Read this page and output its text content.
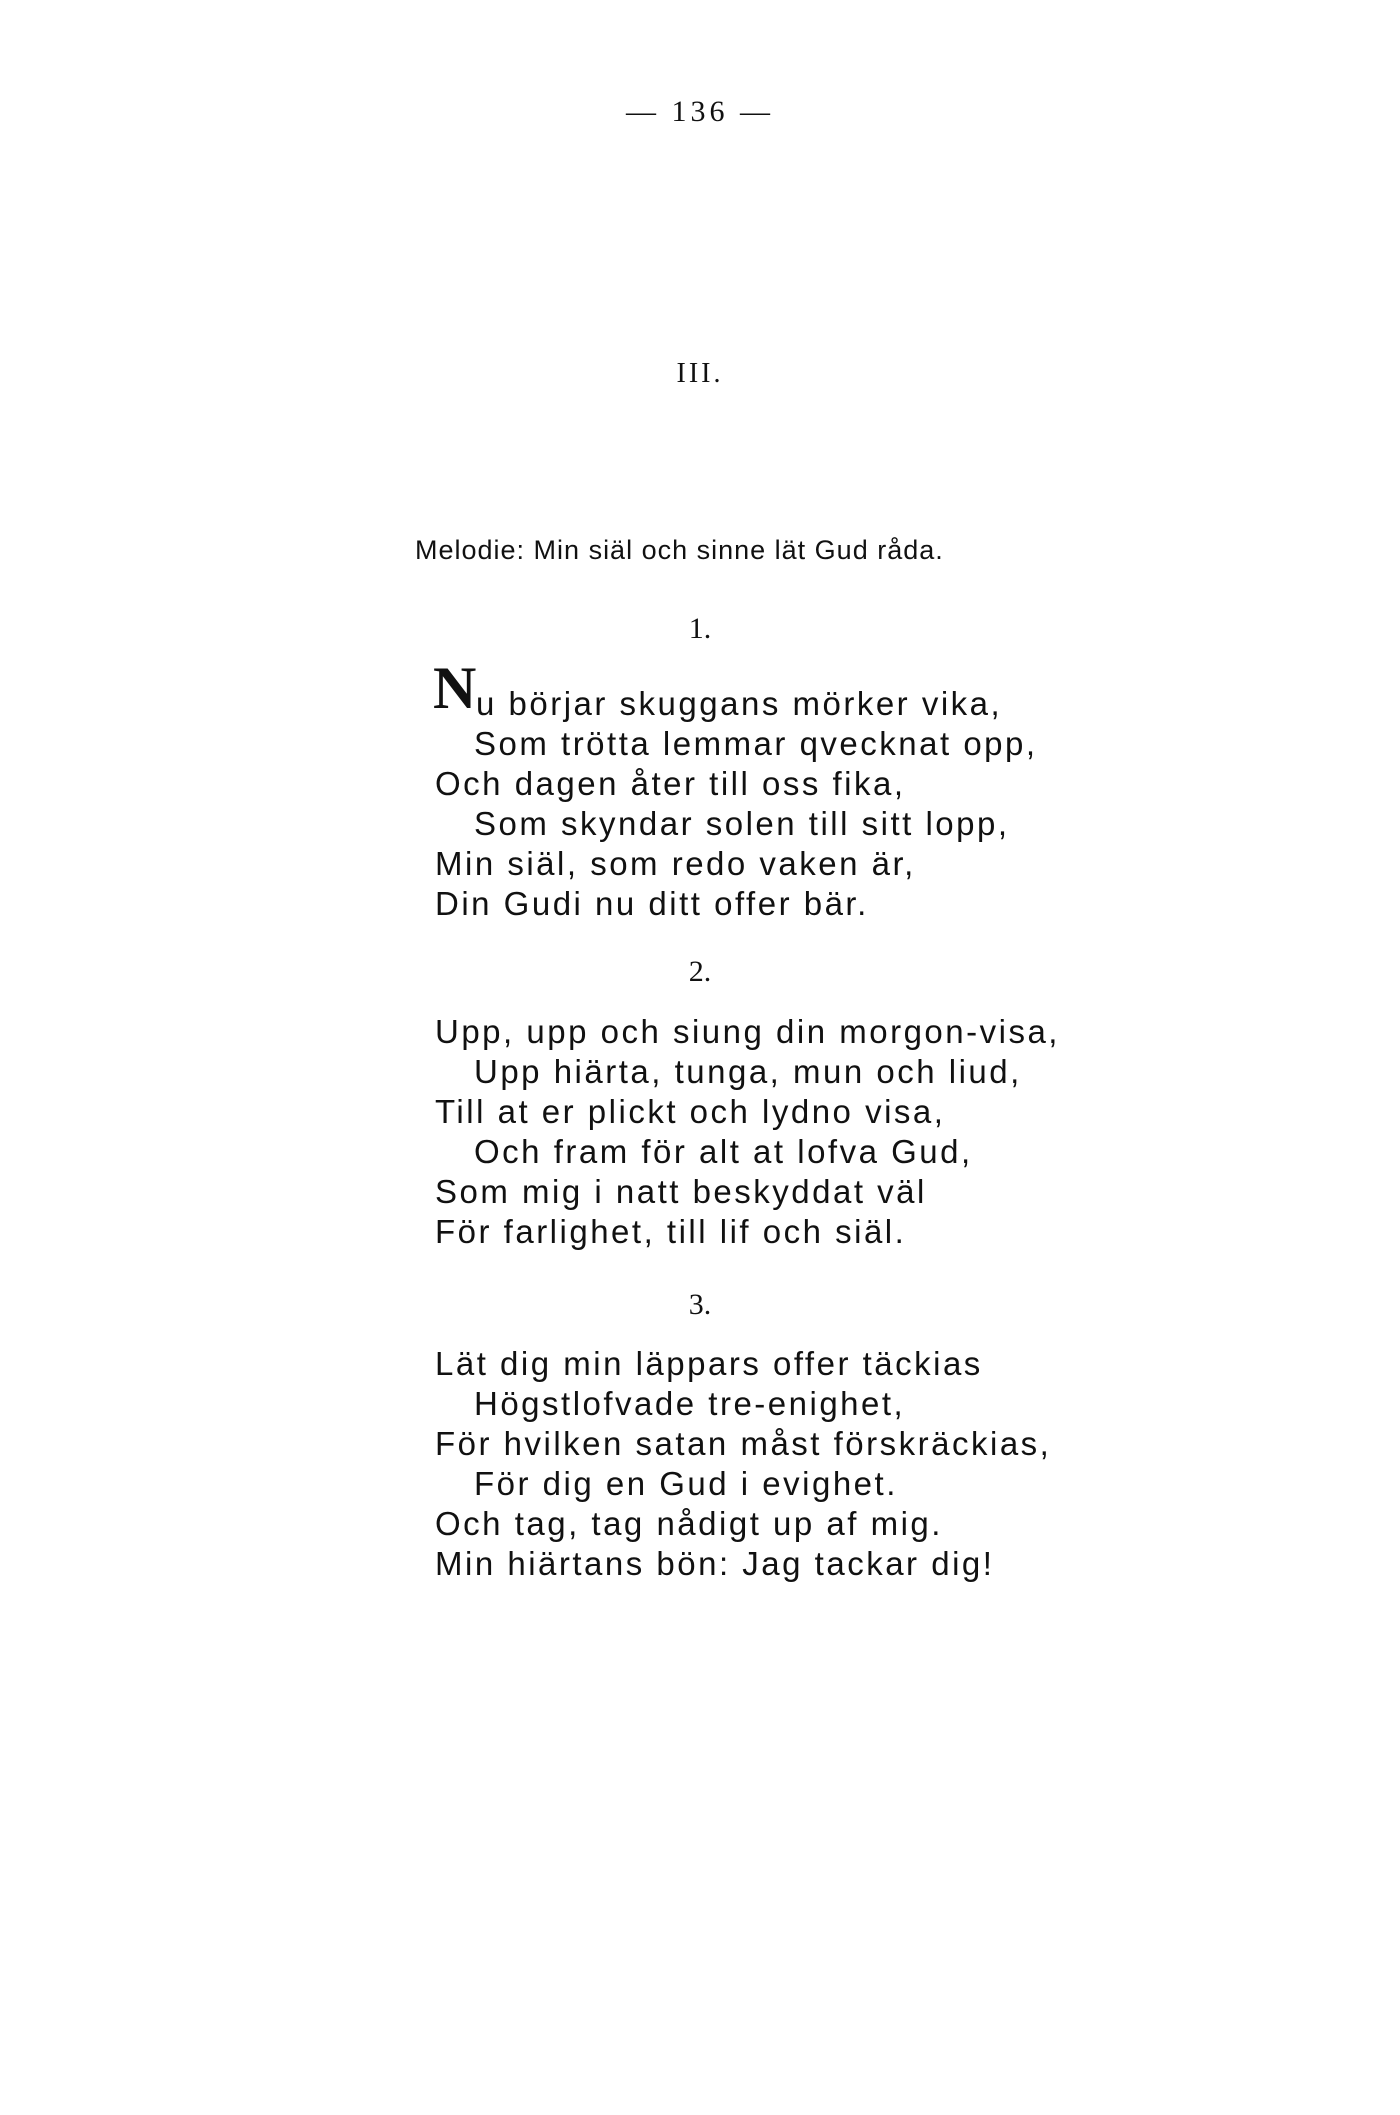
— 136 —
III.
Melodie: Min siäl och sinne lät Gud råda.
1.
N u börjar skuggans mörker vika,
Som trötta lemmar qvecknat opp,
Och dagen åter till oss fika,
Som skyndar solen till sitt lopp,
Min siäl, som redo vaken är,
Din Gudi nu ditt offer bär.
2.
Upp, upp och siung din morgon-visa,
Upp hiärta, tunga, mun och liud,
Till at er plickt och lydno visa,
Och fram för alt at lofva Gud,
Som mig i natt beskyddat väl
För farlighet, till lif och siäl.
3.
Lät dig min läppars offer täckias
Högstlofvade tre-enighet,
För hvilken satan måst förskräckias,
För dig en Gud i evighet.
Och tag, tag nådigt up af mig.
Min hiärtans bön: Jag tackar dig!
